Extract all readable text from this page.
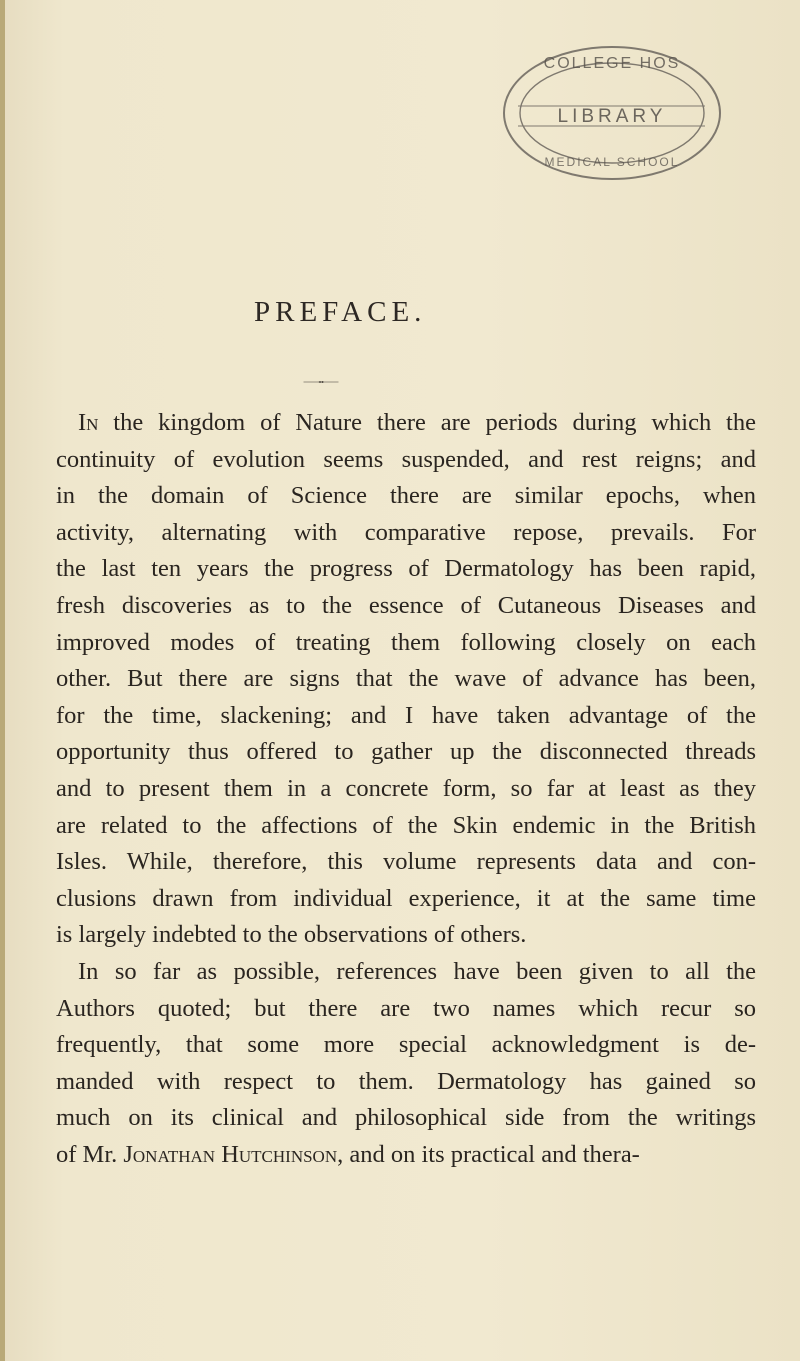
COLLEGE HOS
LIBRARY
MEDICAL SCHOOL
PREFACE.
In the kingdom of Nature there are periods during which the
continuity of evolution seems suspended, and rest reigns; and
in the domain of Science there are similar epochs, when
activity, alternating with comparative repose, prevails. For
the last ten years the progress of Dermatology has been rapid,
fresh discoveries as to the essence of Cutaneous Diseases and
improved modes of treating them following closely on each
other. But there are signs that the wave of advance has been,
for the time, slackening; and I have taken advantage of the
opportunity thus offered to gather up the disconnected threads
and to present them in a concrete form, so far at least as they
are related to the affections of the Skin endemic in the British
Isles. While, therefore, this volume represents data and con-
clusions drawn from individual experience, it at the same time
is largely indebted to the observations of others.
In so far as possible, references have been given to all the
Authors quoted; but there are two names which recur so
frequently, that some more special acknowledgment is de-
manded with respect to them. Dermatology has gained so
much on its clinical and philosophical side from the writings
of Mr. Jonathan Hutchinson, and on its practical and thera-
